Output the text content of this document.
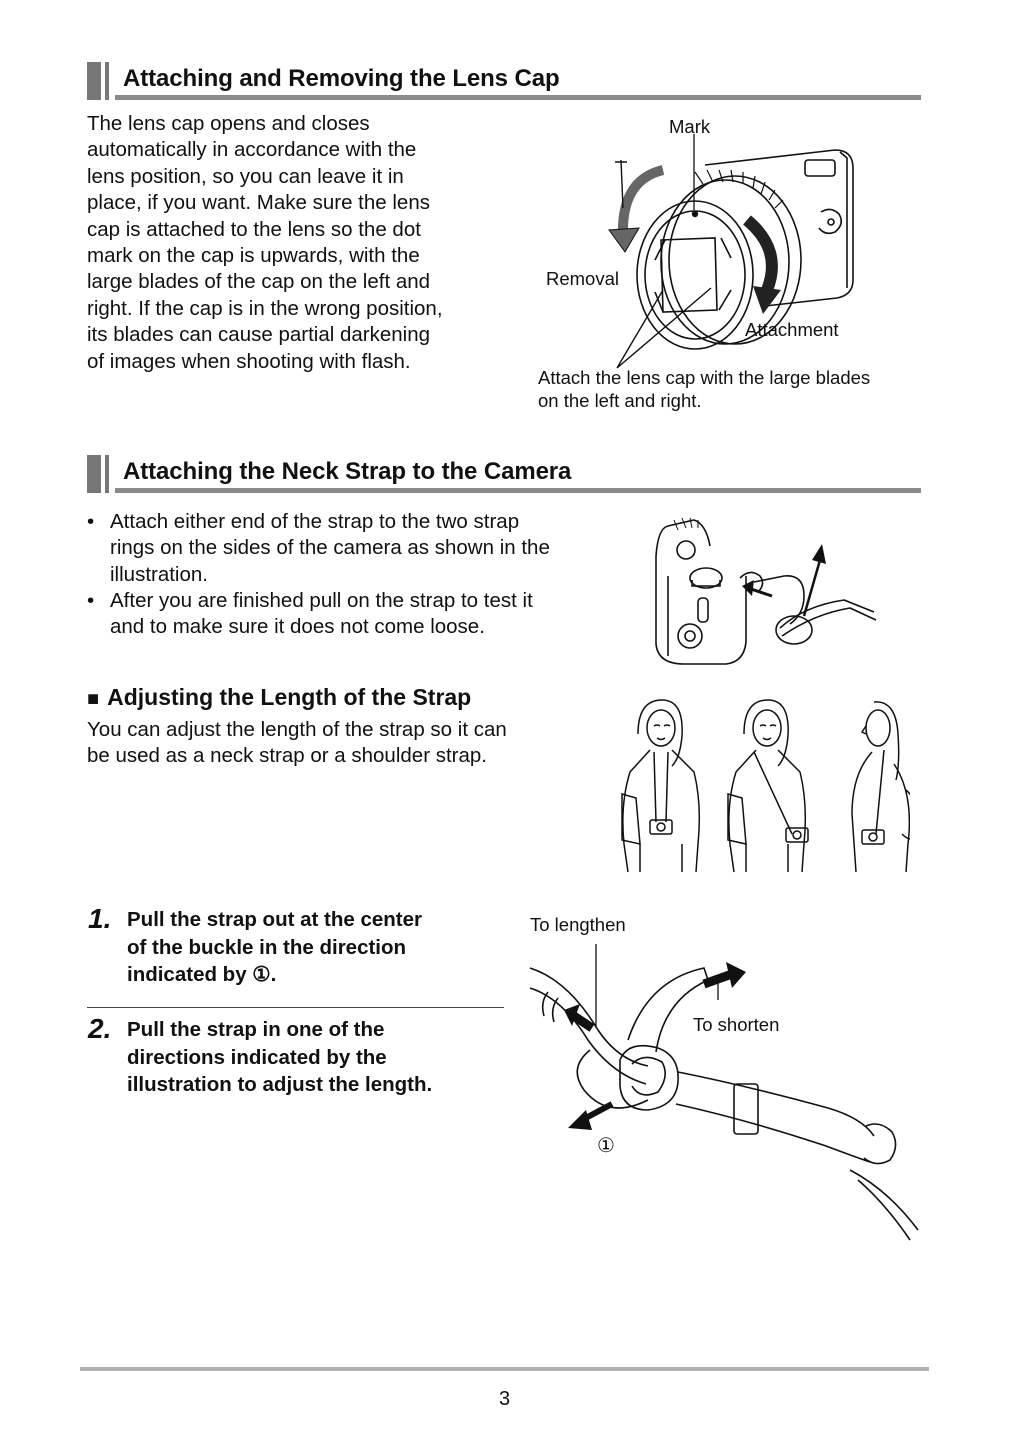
Attaching and Removing the Lens Cap
The lens cap opens and closes
automatically in accordance with the
lens position, so you can leave it in
place, if you want. Make sure the lens
cap is attached to the lens so the dot
mark on the cap is upwards, with the
large blades of the cap on the left and
right. If the cap is in the wrong position,
its blades can cause partial darkening
of images when shooting with flash.
Mark
Removal
Attachment
Attach the lens cap with the large blades
on the left and right.
Attaching the Neck Strap to the Camera
• Attach either end of the strap to the two strap
rings on the sides of the camera as shown in the
illustration.
• After you are finished pull on the strap to test it
and to make sure it does not come loose.
■ Adjusting the Length of the Strap
You can adjust the length of the strap so it can
be used as a neck strap or a shoulder strap.
1. Pull the strap out at the center
of the buckle in the direction
indicated by ①.
2. Pull the strap in one of the
directions indicated by the
illustration to adjust the length.
To lengthen
To shorten
①
3
